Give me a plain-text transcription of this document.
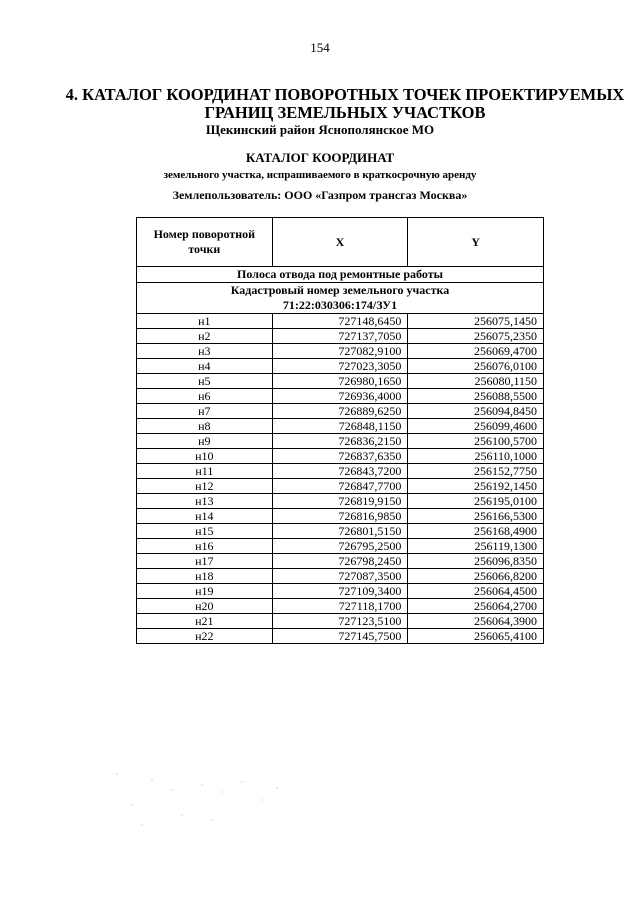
154
4. КАТАЛОГ КООРДИНАТ ПОВОРОТНЫХ ТОЧЕК ПРОЕКТИРУЕМЫХ ГРАНИЦ ЗЕМЕЛЬНЫХ УЧАСТКОВ
Щекинский район Яснополянское МО
КАТАЛОГ КООРДИНАТ
земельного участка, испрашиваемого в краткосрочную аренду
Землепользователь: ООО «Газпром трансгаз Москва»
Номер поворотной точки	X	Y
Полоса отвода под ремонтные работы		

Кадастровый номер земельного участка
71:22:030306:174/ЗУ1		

н1	727148,6450	256075,1450
н2	727137,7050	256075,2350
н3	727082,9100	256069,4700
н4	727023,3050	256076,0100
н5	726980,1650	256080,1150
н6	726936,4000	256088,5500
н7	726889,6250	256094,8450
н8	726848,1150	256099,4600
н9	726836,2150	256100,5700
н10	726837,6350	256110,1000
н11	726843,7200	256152,7750
н12	726847,7700	256192,1450
н13	726819,9150	256195,0100
н14	726816,9850	256166,5300
н15	726801,5150	256168,4900
н16	726795,2500	256119,1300
н17	726798,2450	256096,8350
н18	727087,3500	256066,8200
н19	727109,3400	256064,4500
н20	727118,1700	256064,2700
н21	727123,5100	256064,3900
н22	727145,7500	256065,4100
